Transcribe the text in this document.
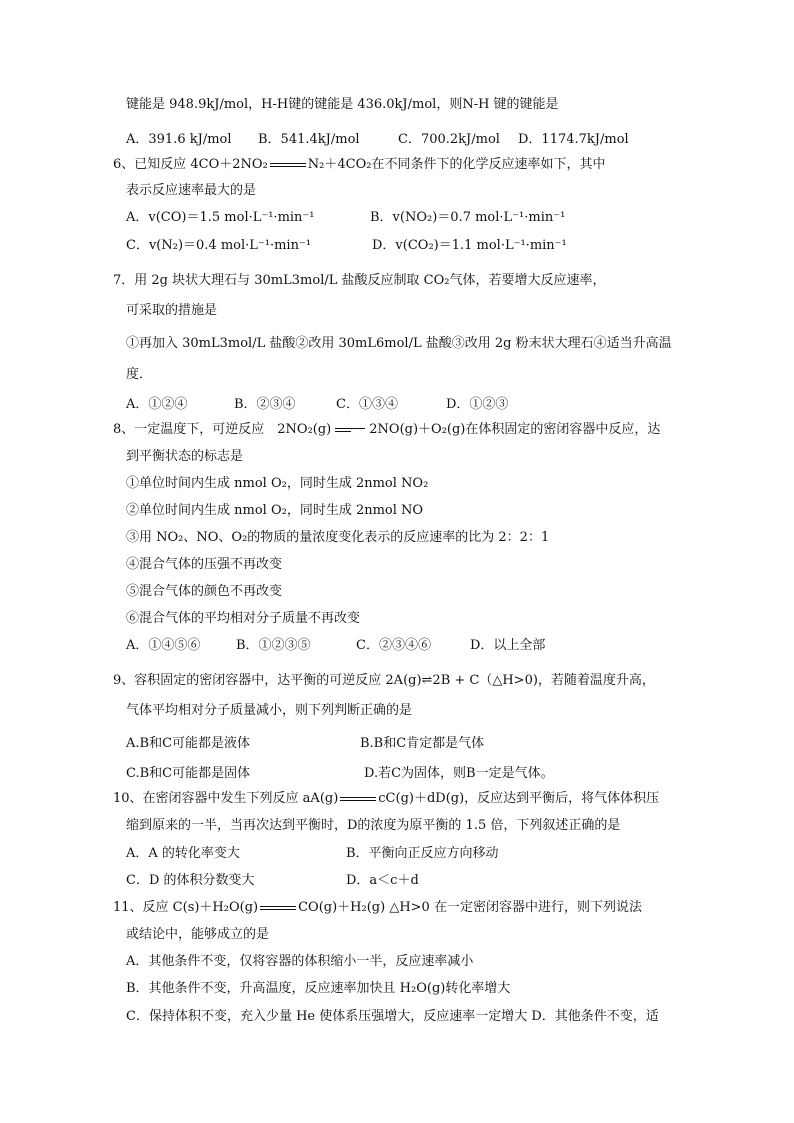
键能是 948.9kJ/mol，H-H键的键能是 436.0kJ/mol，则N-H 键的键能是
A．391.6 kJ/mol B．541.4kJ/mol	C．700.2kJ/mol D．1174.7kJ/mol
6、已知反应 4CO＋2NO₂	N₂＋4CO₂在不同条件下的化学反应速率如下，其中
表示反应速率最大的是
A．v(CO)＝1.5 mol·L⁻¹·min⁻¹	B．v(NO₂)＝0.7 mol·L⁻¹·min⁻¹
C．v(N₂)＝0.4 mol·L⁻¹·min⁻¹	D．v(CO₂)＝1.1 mol·L⁻¹·min⁻¹
7．用 2g 块状大理石与 30mL3mol/L 盐酸反应制取 CO₂气体，若要增大反应速率，
可采取的措施是
①再加入 30mL3mol/L 盐酸②改用 30mL6mol/L 盐酸③改用 2g 粉末状大理石④适当升高温
度．
A．①②④	B．②③④	C．①③④	D．①②③
8、一定温度下，可逆反应　2NO₂(g)	2NO(g)＋O₂(g)在体积固定的密闭容器中反应，达
到平衡状态的标志是
①单位时间内生成 nmol O₂，同时生成 2nmol NO₂
②单位时间内生成 nmol O₂，同时生成 2nmol NO
③用 NO₂、NO、O₂的物质的量浓度变化表示的反应速率的比为 2：2：1
④混合气体的压强不再改变
⑤混合气体的颜色不再改变
⑥混合气体的平均相对分子质量不再改变
A．①④⑤⑥	B．①②③⑤	C．②③④⑥	D．以上全部
9、容积固定的密闭容器中，达平衡的可逆反应 2A(g)⇌2B + C（△H>0)，若随着温度升高，
气体平均相对分子质量减小，则下列判断正确的是
A.B和C可能都是液体	B.B和C肯定都是气体
C.B和C可能都是固体	D.若C为固体，则B一定是气体。
10、在密闭容器中发生下列反应 aA(g)	cC(g)＋dD(g)，反应达到平衡后，将气体体积压
缩到原来的一半，当再次达到平衡时，D的浓度为原平衡的 1.5 倍，下列叙述正确的是
A．A 的转化率变大	B．平衡向正反应方向移动
C．D 的体积分数变大	D．a＜c＋d
11、反应 C(s)＋H₂O(g)	CO(g)＋H₂(g) △H>0 在一定密闭容器中进行，则下列说法
或结论中，能够成立的是
A．其他条件不变，仅将容器的体积缩小一半，反应速率减小
B．其他条件不变，升高温度，反应速率加快且 H₂O(g)转化率增大
C．保持体积不变，充入少量 He 使体系压强增大，反应速率一定增大 D．其他条件不变，适
